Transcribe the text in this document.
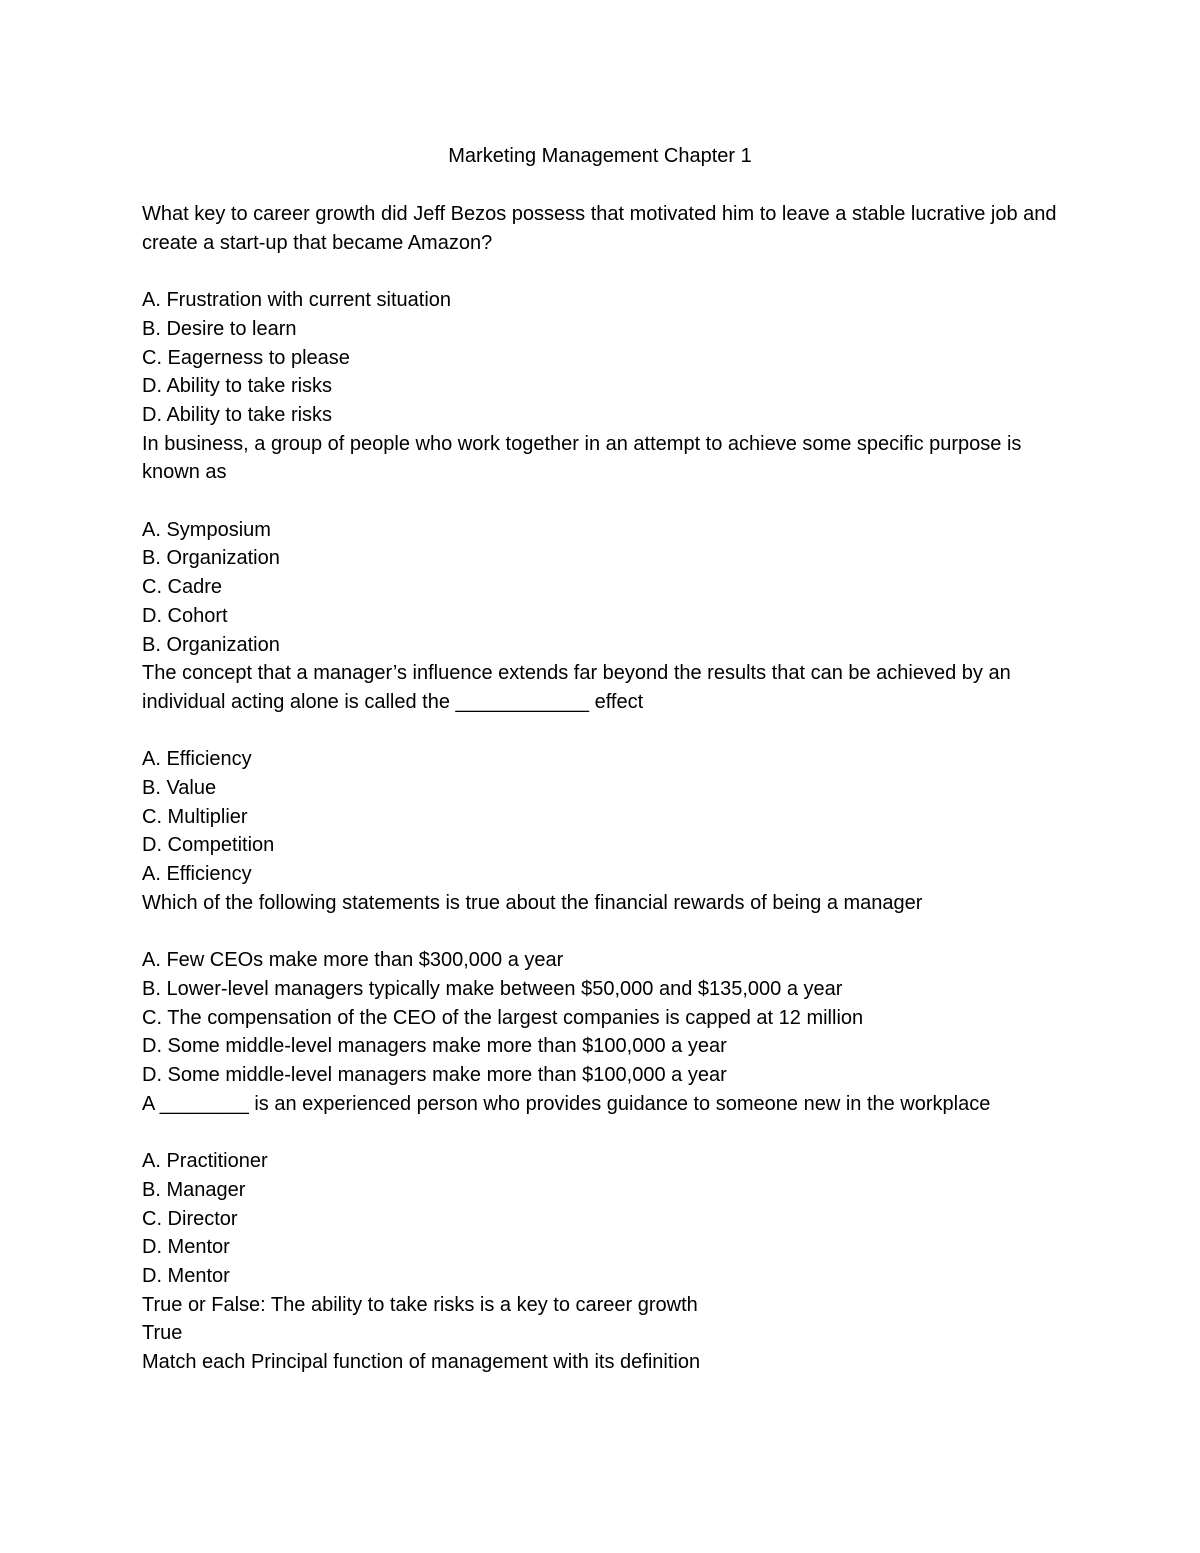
Marketing Management Chapter 1
What key to career growth did Jeff Bezos possess that motivated him to leave a stable lucrative job and create a start-up that became Amazon?
A. Frustration with current situation
B. Desire to learn
C. Eagerness to please
D. Ability to take risks
D. Ability to take risks
In business, a group of people who work together in an attempt to achieve some specific purpose is known as
A. Symposium
B. Organization
C. Cadre
D. Cohort
B. Organization
The concept that a manager’s influence extends far beyond the results that can be achieved by an individual acting alone is called the ____________ effect
A. Efficiency
B. Value
C. Multiplier
D. Competition
A. Efficiency
Which of the following statements is true about the financial rewards of being a manager
A. Few CEOs make more than $300,000 a year
B. Lower-level managers typically make between $50,000 and $135,000 a year
C. The compensation of the CEO of the largest companies is capped at 12 million
D. Some middle-level managers make more than $100,000 a year
D. Some middle-level managers make more than $100,000 a year
A ________ is an experienced person who provides guidance to someone new in the workplace
A. Practitioner
B. Manager
C. Director
D. Mentor
D. Mentor
True or False: The ability to take risks is a key to career growth
True
Match each Principal function of management with its definition
